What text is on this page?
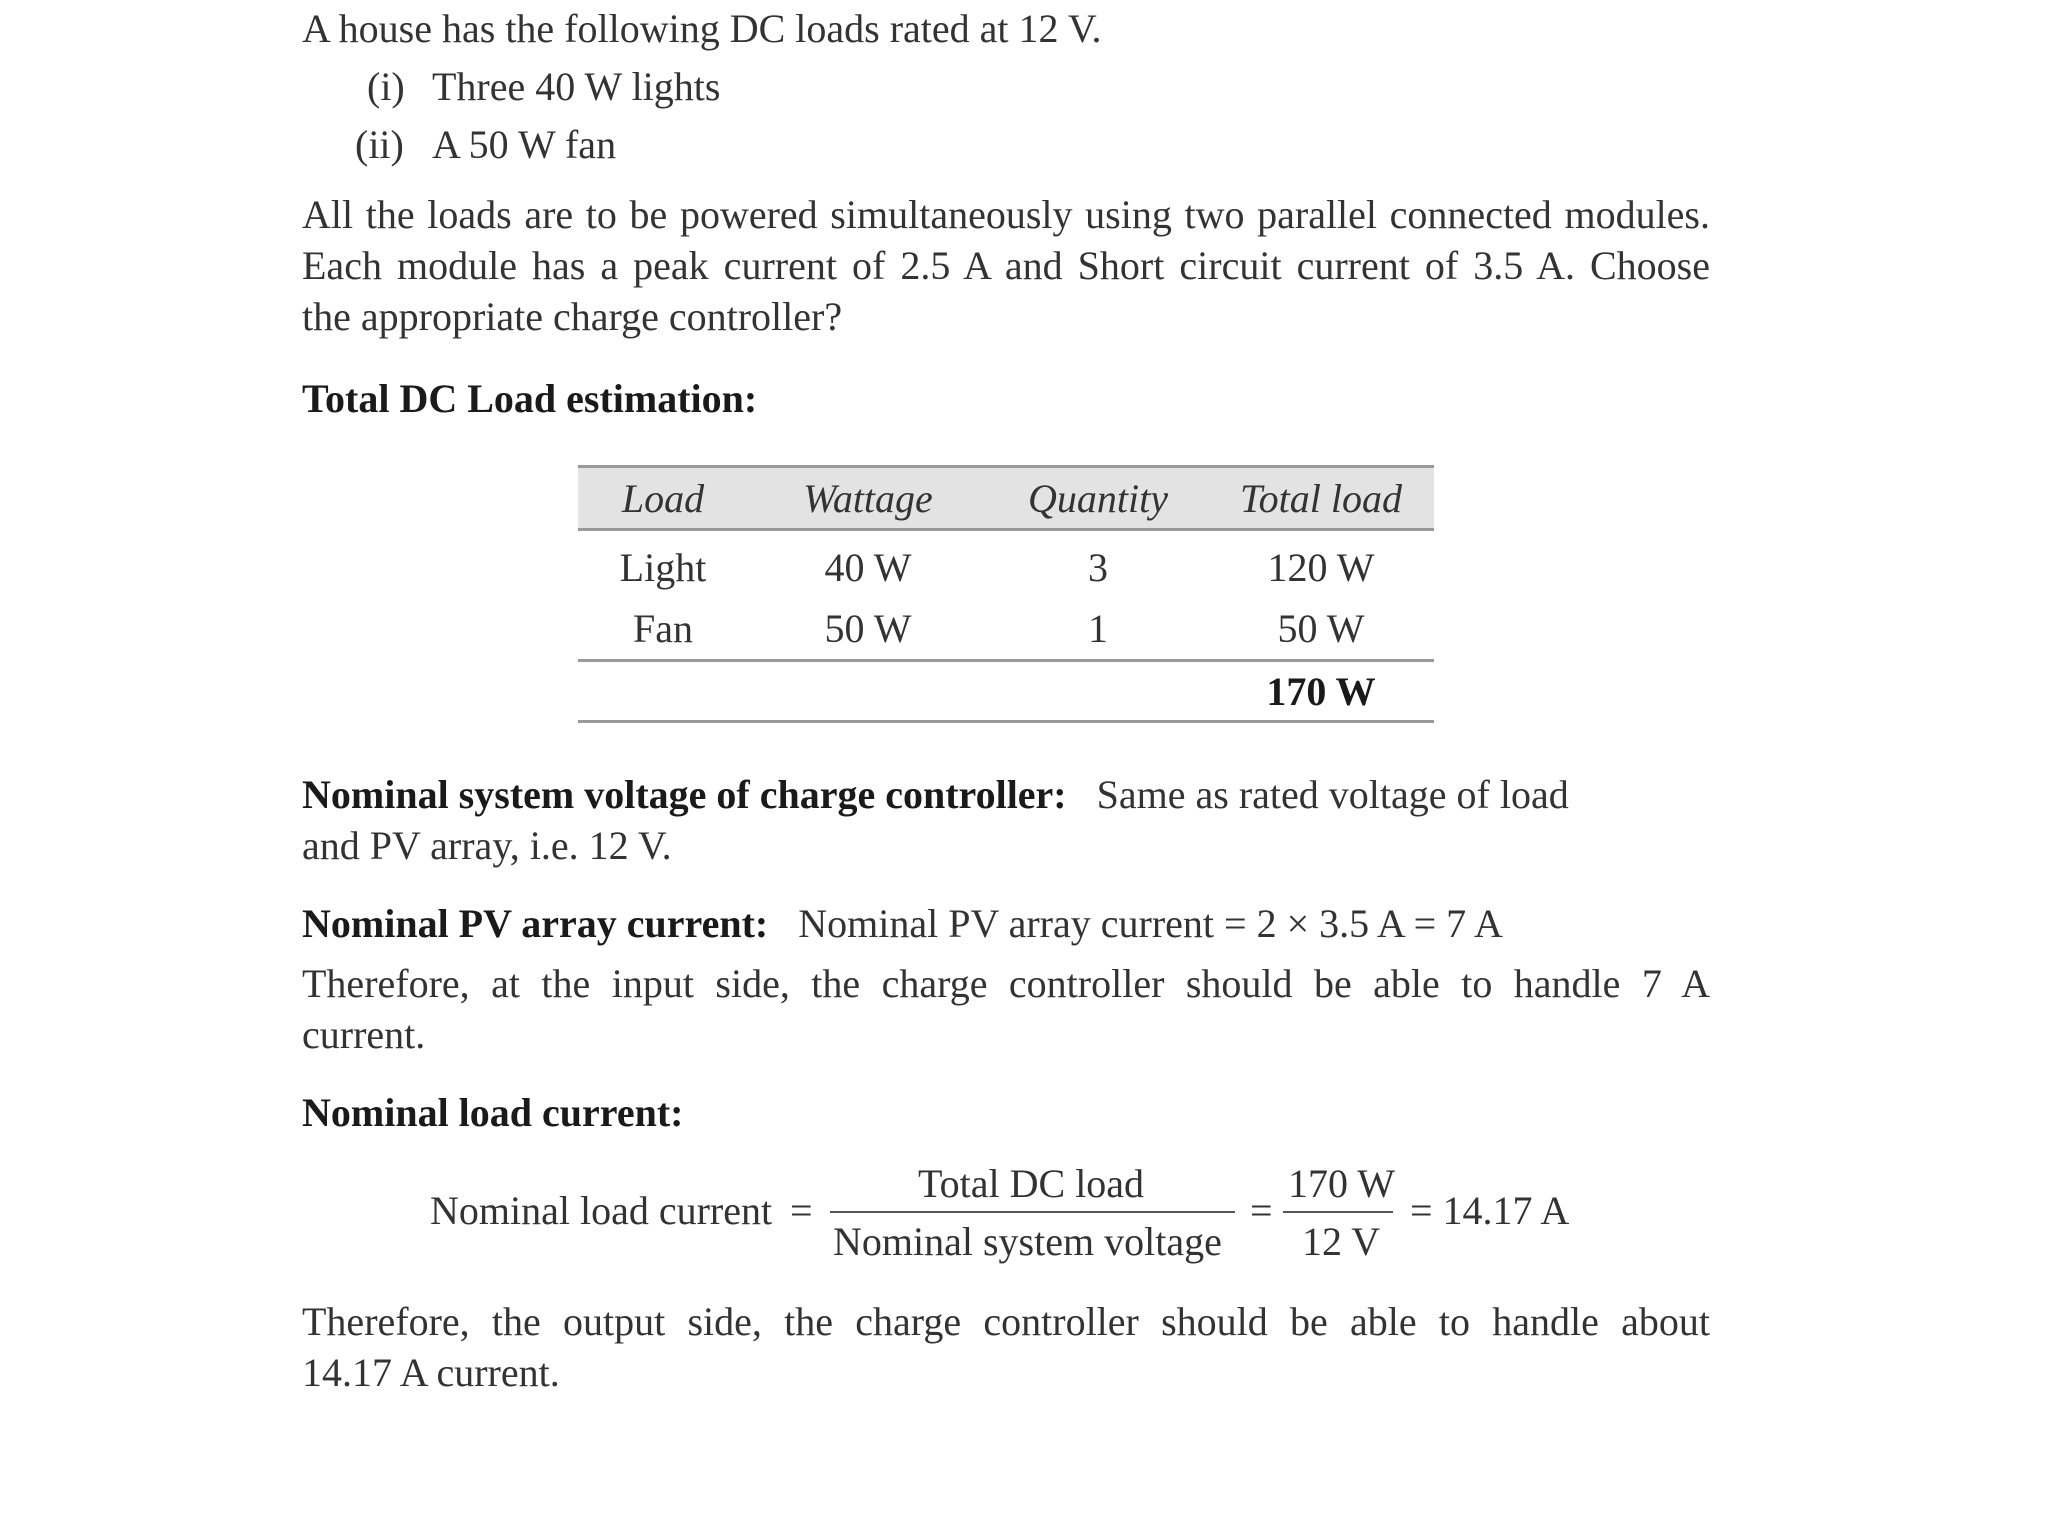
A house has the following DC loads rated at 12 V.
(i) Three 40 W lights
(ii) A 50 W fan
All the loads are to be powered simultaneously using two parallel connected modules.
Each module has a peak current of 2.5 A and Short circuit current of 3.5 A. Choose
the appropriate charge controller?
Total DC Load estimation:
Load	Wattage	Quantity	Total load
Light	40 W	3	120 W
Fan	50 W	1	50 W
			170 W
Nominal system voltage of charge controller: Same as rated voltage of load
and PV array, i.e. 12 V.
Nominal PV array current: Nominal PV array current = 2 × 3.5 A = 7 A
Therefore, at the input side, the charge controller should be able to handle 7 A
current.
Nominal load current:
Nominal load current =
Total DC load
Nominal system voltage
=
170 W
12 V
= 14.17 A
Therefore, the output side, the charge controller should be able to handle about
14.17 A current.
